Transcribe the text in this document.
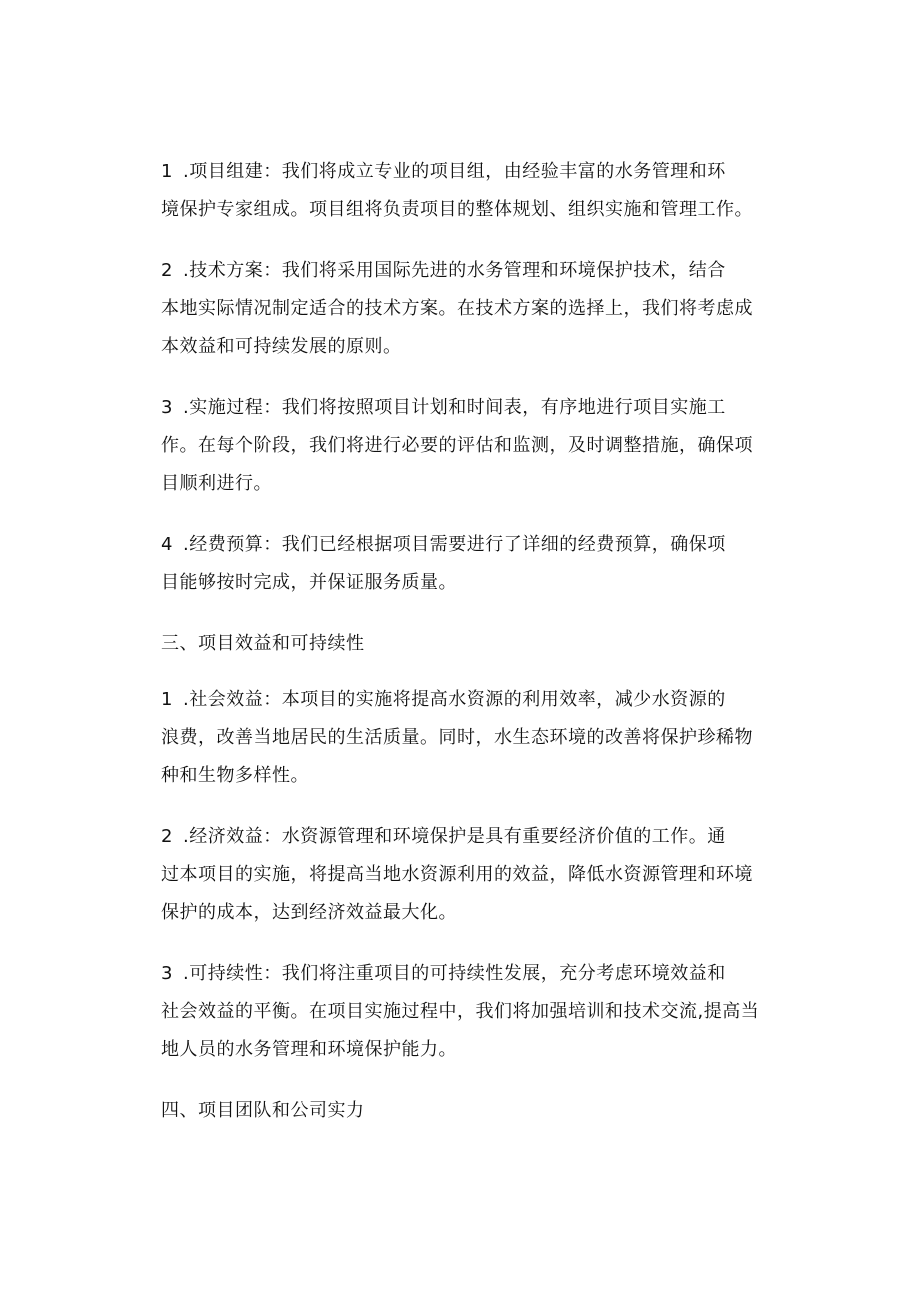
1 .项目组建：我们将成立专业的项目组，由经验丰富的水务管理和环
境保护专家组成。项目组将负责项目的整体规划、组织实施和管理工作。
2 .技术方案：我们将采用国际先进的水务管理和环境保护技术，结合
本地实际情况制定适合的技术方案。在技术方案的选择上，我们将考虑成
本效益和可持续发展的原则。
3 .实施过程：我们将按照项目计划和时间表，有序地进行项目实施工
作。在每个阶段，我们将进行必要的评估和监测，及时调整措施，确保项
目顺利进行。
4 .经费预算：我们已经根据项目需要进行了详细的经费预算，确保项
目能够按时完成，并保证服务质量。
三、项目效益和可持续性
1 .社会效益：本项目的实施将提高水资源的利用效率，减少水资源的
浪费，改善当地居民的生活质量。同时，水生态环境的改善将保护珍稀物
种和生物多样性。
2 .经济效益：水资源管理和环境保护是具有重要经济价值的工作。通
过本项目的实施，将提高当地水资源利用的效益，降低水资源管理和环境
保护的成本，达到经济效益最大化。
3 .可持续性：我们将注重项目的可持续性发展，充分考虑环境效益和
社会效益的平衡。在项目实施过程中，我们将加强培训和技术交流,提高当
地人员的水务管理和环境保护能力。
四、项目团队和公司实力
